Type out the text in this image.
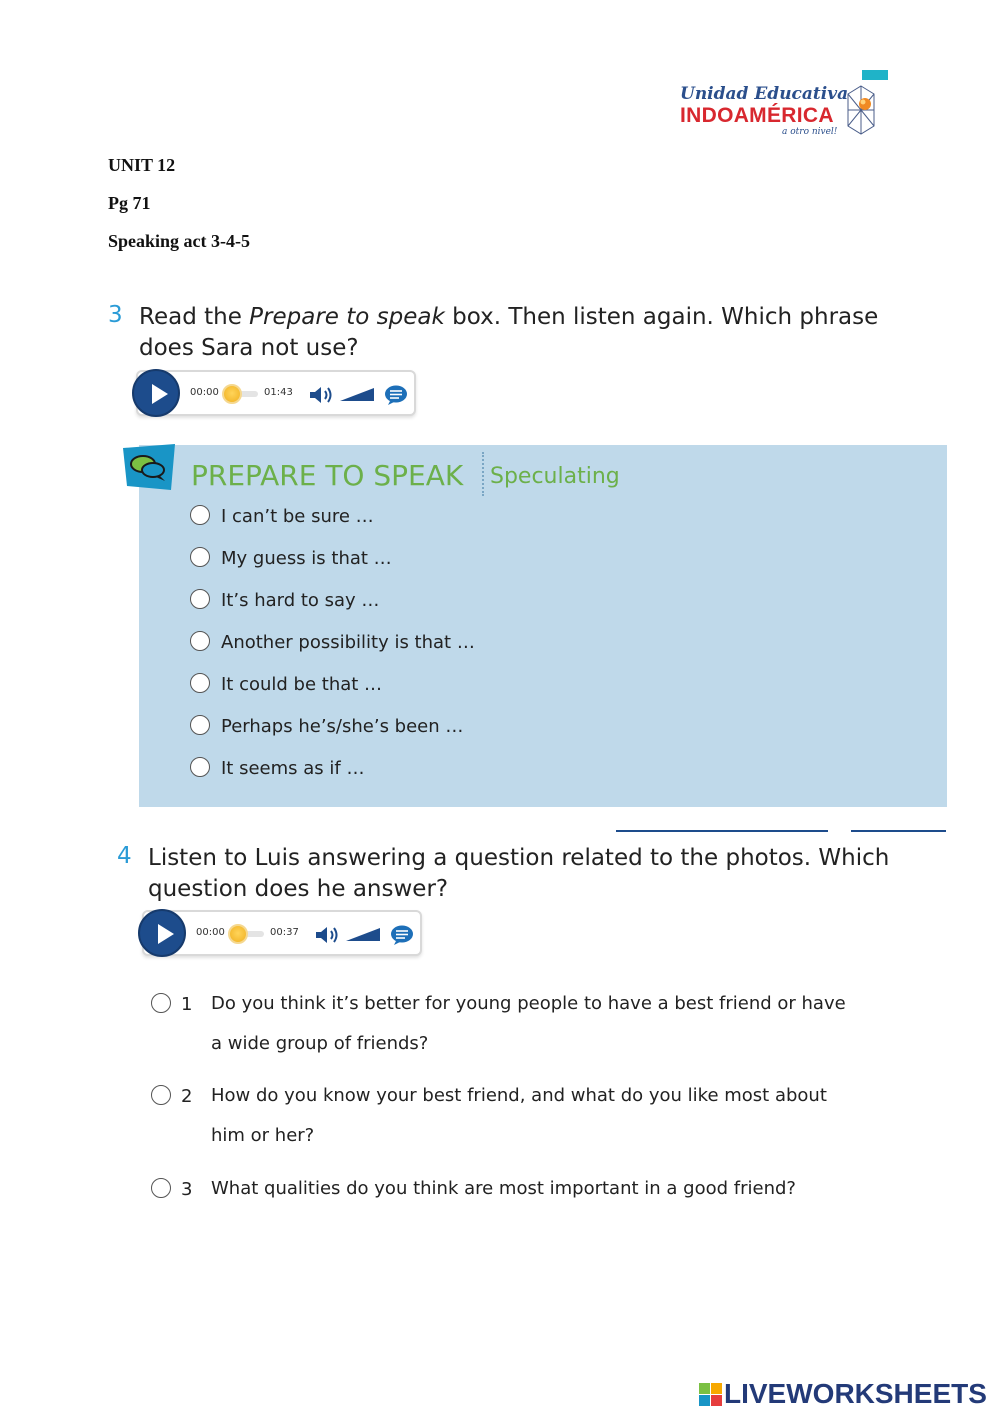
Unidad Educativa
INDOAMÉRICA
a otro nivel!
UNIT 12
Pg 71
Speaking act 3-4-5
3 Read the Prepare to speak box. Then listen again. Which phrase
does Sara not use?
00:00	01:43
PREPARE TO SPEAK Speculating
I can’t be sure …
My guess is that …
It’s hard to say …
Another possibility is that …
It could be that …
Perhaps he’s/she’s been …
It seems as if …
4 Listen to Luis answering a question related to the photos. Which
question does he answer?
00:00	00:37
1 Do you think it’s better for young people to have a best friend or have
a wide group of friends?
2 How do you know your best friend, and what do you like most about
him or her?
3 What qualities do you think are most important in a good friend?
LIVEWORKSHEETS
